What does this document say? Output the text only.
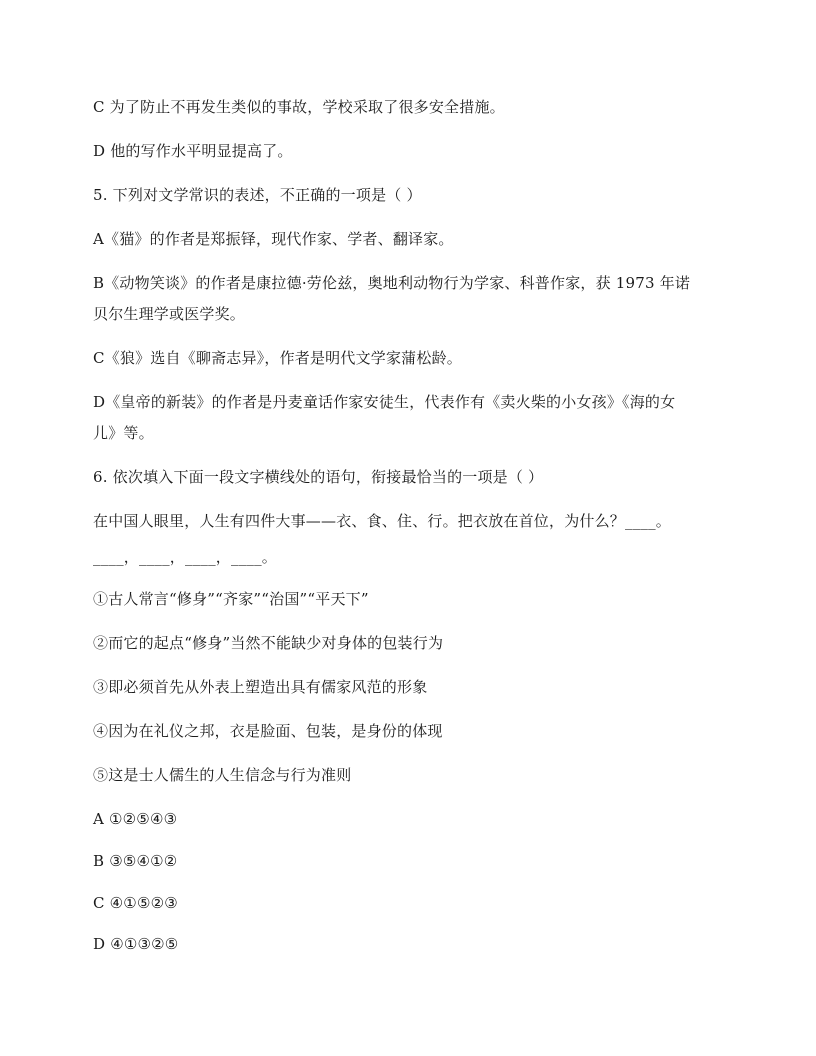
C 为了防止不再发生类似的事故，学校采取了很多安全措施。
D 他的写作水平明显提高了。
5. 下列对文学常识的表述，不正确的一项是（ ）
A《猫》的作者是郑振铎，现代作家、学者、翻译家。
B《动物笑谈》的作者是康拉德·劳伦兹，奥地利动物行为学家、科普作家，获 1973 年诺
贝尔生理学或医学奖。
C《狼》选自《聊斋志异》，作者是明代文学家蒲松龄。
D《皇帝的新装》的作者是丹麦童话作家安徒生，代表作有《卖火柴的小女孩》《海的女
儿》等。
6. 依次填入下面一段文字横线处的语句，衔接最恰当的一项是（ ）
在中国人眼里，人生有四件大事——衣、食、住、行。把衣放在首位，为什么？____。
____，____，____，____。
①古人常言“修身”“齐家”“治国”“平天下”
②而它的起点“修身”当然不能缺少对身体的包装行为
③即必须首先从外表上塑造出具有儒家风范的形象
④因为在礼仪之邦，衣是脸面、包装，是身份的体现
⑤这是士人儒生的人生信念与行为准则
A ①②⑤④③
B ③⑤④①②
C ④①⑤②③
D ④①③②⑤
